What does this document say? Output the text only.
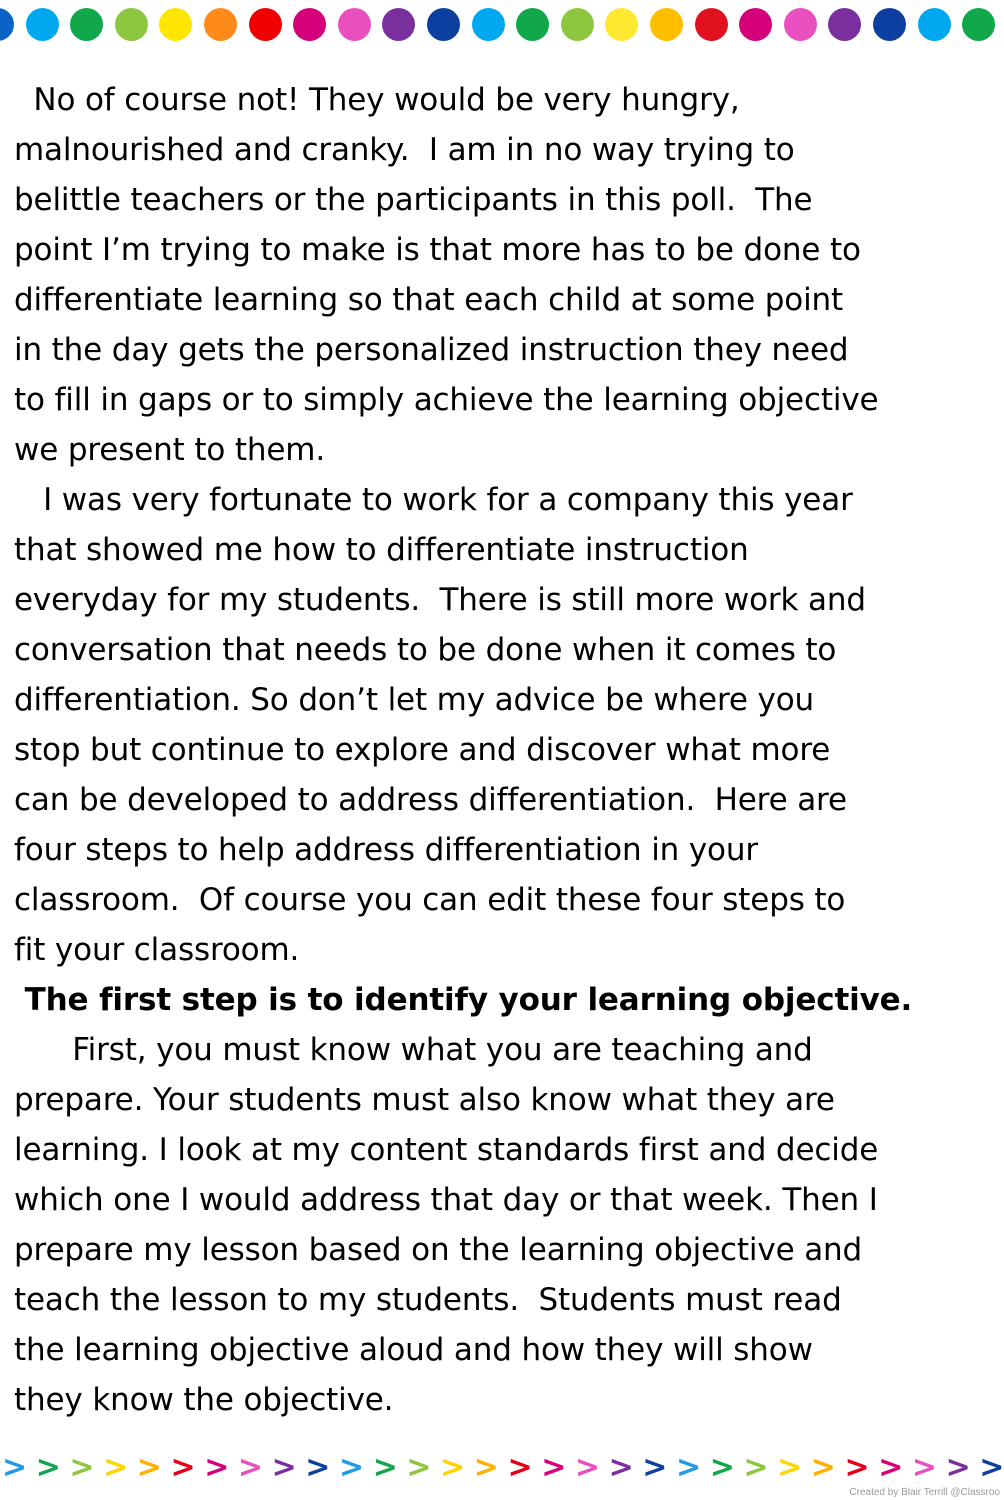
No of course not! They would be very hungry,
malnourished and cranky.  I am in no way trying to
belittle teachers or the participants in this poll.  The
point I’m trying to make is that more has to be done to
differentiate learning so that each child at some point
in the day gets the personalized instruction they need
to fill in gaps or to simply achieve the learning objective
we present to them.
I was very fortunate to work for a company this year
that showed me how to differentiate instruction
everyday for my students.  There is still more work and
conversation that needs to be done when it comes to
differentiation. So don’t let my advice be where you
stop but continue to explore and discover what more
can be developed to address differentiation.  Here are
four steps to help address differentiation in your
classroom.  Of course you can edit these four steps to
fit your classroom.
The first step is to identify your learning objective.
First, you must know what you are teaching and
prepare. Your students must also know what they are
learning. I look at my content standards first and decide
which one I would address that day or that week. Then I
prepare my lesson based on the learning objective and
teach the lesson to my students.  Students must read
the learning objective aloud and how they will show
they know the objective.
> > > > > > > > > > > > > > > > > > > > > > > > > > > > > >
Created by Blair Terrill @Classroo
